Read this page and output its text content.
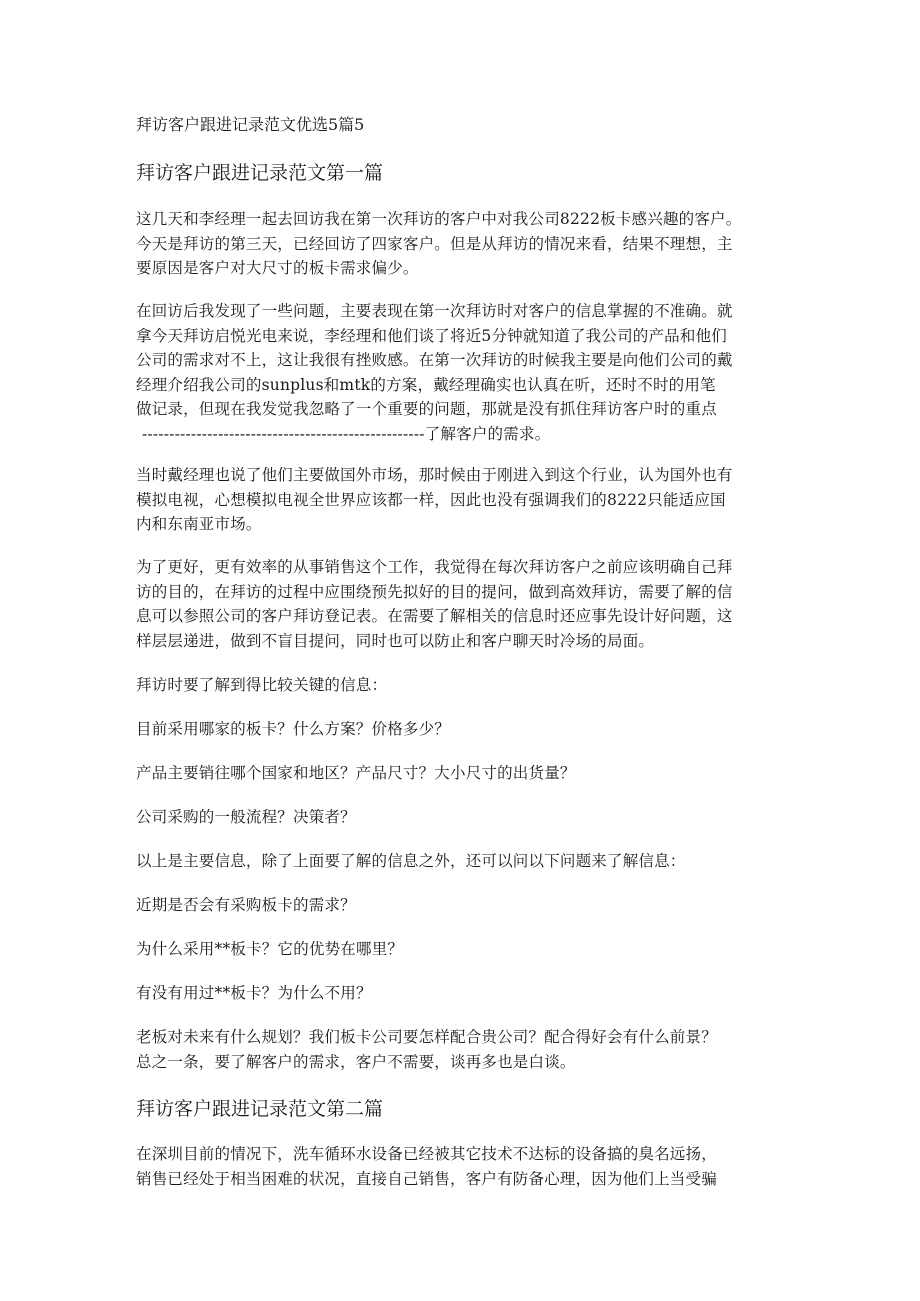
拜访客户跟进记录范文优选5篇5
拜访客户跟进记录范文第一篇
这几天和李经理一起去回访我在第一次拜访的客户中对我公司8222板卡感兴趣的客户。
今天是拜访的第三天，已经回访了四家客户。但是从拜访的情况来看，结果不理想，主
要原因是客户对大尺寸的板卡需求偏少。
在回访后我发现了一些问题，主要表现在第一次拜访时对客户的信息掌握的不准确。就
拿今天拜访启悦光电来说，李经理和他们谈了将近5分钟就知道了我公司的产品和他们
公司的需求对不上，这让我很有挫败感。在第一次拜访的时候我主要是向他们公司的戴
经理介绍我公司的sunplus和mtk的方案，戴经理确实也认真在听，还时不时的用笔
做记录，但现在我发觉我忽略了一个重要的问题，那就是没有抓住拜访客户时的重点
----------------------------------------------------了解客户的需求。
当时戴经理也说了他们主要做国外市场，那时候由于刚进入到这个行业，认为国外也有
模拟电视，心想模拟电视全世界应该都一样，因此也没有强调我们的8222只能适应国
内和东南亚市场。
为了更好，更有效率的从事销售这个工作，我觉得在每次拜访客户之前应该明确自己拜
访的目的，在拜访的过程中应围绕预先拟好的目的提问，做到高效拜访，需要了解的信
息可以参照公司的客户拜访登记表。在需要了解相关的信息时还应事先设计好问题，这
样层层递进，做到不盲目提问，同时也可以防止和客户聊天时冷场的局面。
拜访时要了解到得比较关键的信息：
目前采用哪家的板卡？什么方案？价格多少？
产品主要销往哪个国家和地区？产品尺寸？大小尺寸的出货量？
公司采购的一般流程？决策者？
以上是主要信息，除了上面要了解的信息之外，还可以问以下问题来了解信息：
近期是否会有采购板卡的需求？
为什么采用**板卡？它的优势在哪里？
有没有用过**板卡？为什么不用？
老板对未来有什么规划？我们板卡公司要怎样配合贵公司？配合得好会有什么前景？
总之一条，要了解客户的需求，客户不需要，谈再多也是白谈。
拜访客户跟进记录范文第二篇
在深圳目前的情况下，洗车循环水设备已经被其它技术不达标的设备搞的臭名远扬，
销售已经处于相当困难的状况，直接自己销售，客户有防备心理，因为他们上当受骗
